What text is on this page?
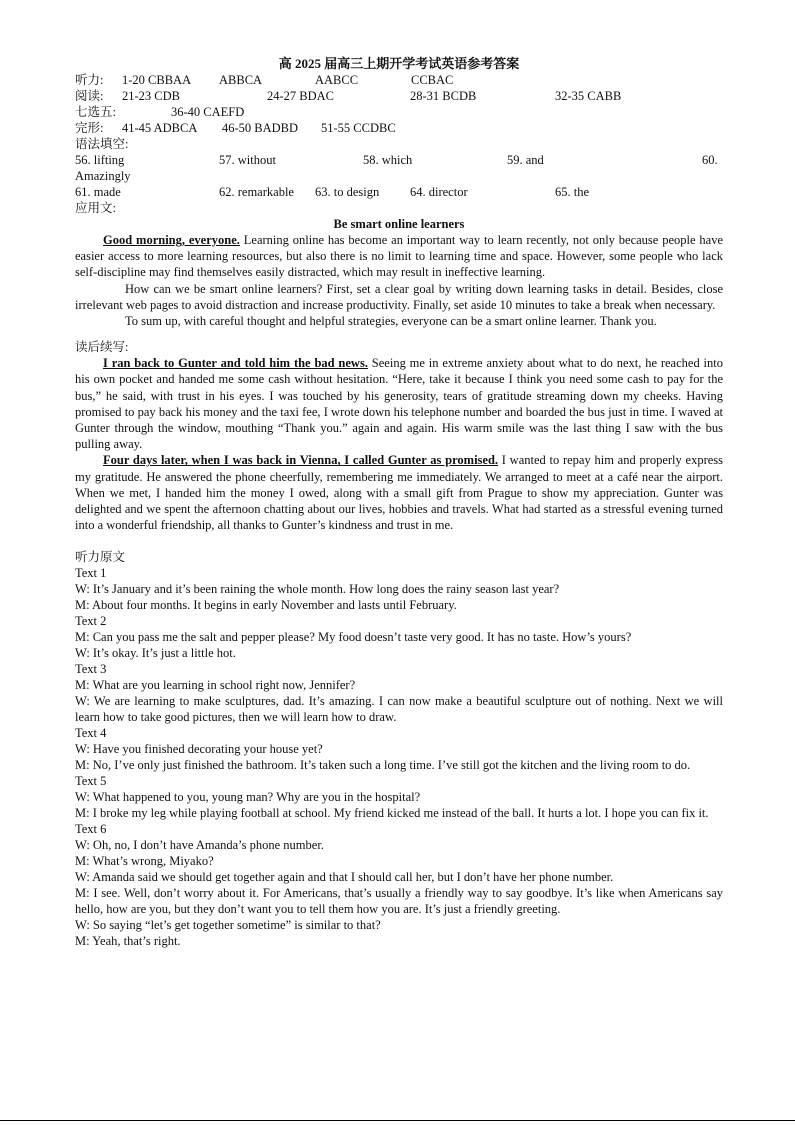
高 2025 届高三上期开学考试英语参考答案
听力: 1-20 CBBAA ABBCA	AABCC	CCBAC
阅读: 21-23 CDB	24-27 BDAC	28-31 BCDB	32-35 CABB
七选五:	36-40 CAEFD
完形: 41-45 ADBCA 46-50 BADBD 51-55 CCDBC
语法填空:
56. lifting	57. without	58. which	59. and	60.
Amazingly
61. made	62. remarkable 63. to design 64. director	65. the
应用文:
Be smart online learners

Good morning, everyone. Learning online has become an important way to learn recently, not only because people have easier access to more learning resources, but also there is no limit to learning time and space. However, some people who lack self-discipline may find themselves easily distracted, which may result in ineffective learning.

How can we be smart online learners? First, set a clear goal by writing down learning tasks in detail. Besides, close irrelevant web pages to avoid distraction and increase productivity. Finally, set aside 10 minutes to take a break when necessary.

To sum up, with careful thought and helpful strategies, everyone can be a smart online learner. Thank you.

读后续写:

I ran back to Gunter and told him the bad news. Seeing me in extreme anxiety about what to do next, he reached into his own pocket and handed me some cash without hesitation. “Here, take it because I think you need some cash to pay for the bus,” he said, with trust in his eyes. I was touched by his generosity, tears of gratitude streaming down my cheeks. Having promised to pay back his money and the taxi fee, I wrote down his telephone number and boarded the bus just in time. I waved at Gunter through the window, mouthing “Thank you.” again and again. His warm smile was the last thing I saw with the bus pulling away.

Four days later, when I was back in Vienna, I called Gunter as promised. I wanted to repay him and properly express my gratitude. He answered the phone cheerfully, remembering me immediately. We arranged to meet at a café near the airport. When we met, I handed him the money I owed, along with a small gift from Prague to show my appreciation. Gunter was delighted and we spent the afternoon chatting about our lives, hobbies and travels. What had started as a stressful evening turned into a wonderful friendship, all thanks to Gunter’s kindness and trust in me.

听力原文
Text 1

W: It’s January and it’s been raining the whole month. How long does the rainy season last year?

M: About four months. It begins in early November and lasts until February.

Text 2

M: Can you pass me the salt and pepper please? My food doesn’t taste very good. It has no taste. How’s yours?

W: It’s okay. It’s just a little hot.

Text 3

M: What are you learning in school right now, Jennifer?

W: We are learning to make sculptures, dad. It’s amazing. I can now make a beautiful sculpture out of nothing. Next we will learn how to take good pictures, then we will learn how to draw.

Text 4

W: Have you finished decorating your house yet?

M: No, I’ve only just finished the bathroom. It’s taken such a long time. I’ve still got the kitchen and the living room to do.

Text 5

W: What happened to you, young man? Why are you in the hospital?

M: I broke my leg while playing football at school. My friend kicked me instead of the ball. It hurts a lot. I hope you can fix it.

Text 6

W: Oh, no, I don’t have Amanda’s phone number.

M: What’s wrong, Miyako?

W: Amanda said we should get together again and that I should call her, but I don’t have her phone number.

M: I see. Well, don’t worry about it. For Americans, that’s usually a friendly way to say goodbye. It’s like when Americans say hello, how are you, but they don’t want you to tell them how you are. It’s just a friendly greeting.

W: So saying “let’s get together sometime” is similar to that?

M: Yeah, that’s right.
